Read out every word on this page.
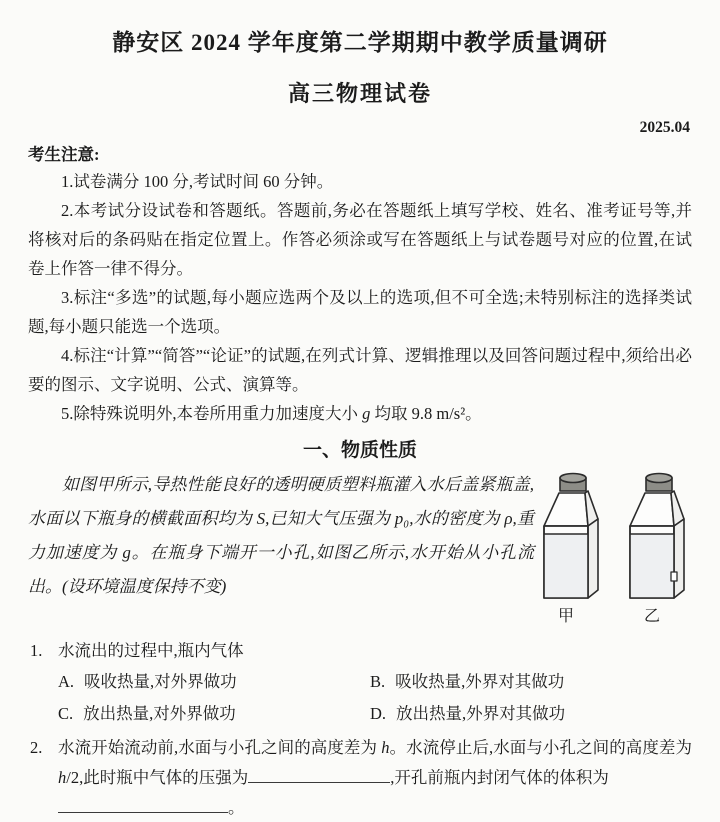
静安区 2024 学年度第二学期期中教学质量调研
高三物理试卷
2025.04
考生注意:

1.试卷满分 100 分,考试时间 60 分钟。

2.本考试分设试卷和答题纸。答题前,务必在答题纸上填写学校、姓名、准考证号等,并将核对后的条码贴在指定位置上。作答必须涂或写在答题纸上与试卷题号对应的位置,在试卷上作答一律不得分。

3.标注“多选”的试题,每小题应选两个及以上的选项,但不可全选;未特别标注的选择类试题,每小题只能选一个选项。

4.标注“计算”“简答”“论证”的试题,在列式计算、逻辑推理以及回答问题过程中,须给出必要的图示、文字说明、公式、演算等。

5.除特殊说明外,本卷所用重力加速度大小 g 均取 9.8 m/s²。

一、物质性质
甲	乙

如图甲所示,导热性能良好的透明硬质塑料瓶灌入水后盖紧瓶盖,水面以下瓶身的横截面积均为 S,已知大气压强为 p₀,水的密度为 ρ,重力加速度为 g。在瓶身下端开一小孔,如图乙所示,水开始从小孔流出。(设环境温度保持不变)

1. 水流出的过程中,瓶内气体
A. 吸收热量,对外界做功	B. 吸收热量,外界对其做功
C. 放出热量,对外界做功	D. 放出热量,外界对其做功
2. 水流开始流动前,水面与小孔之间的高度差为 h。水流停止后,水面与小孔之间的高度差为 h/2,此时瓶中气体的压强为	,开孔前瓶内封闭气体的体积为
。
